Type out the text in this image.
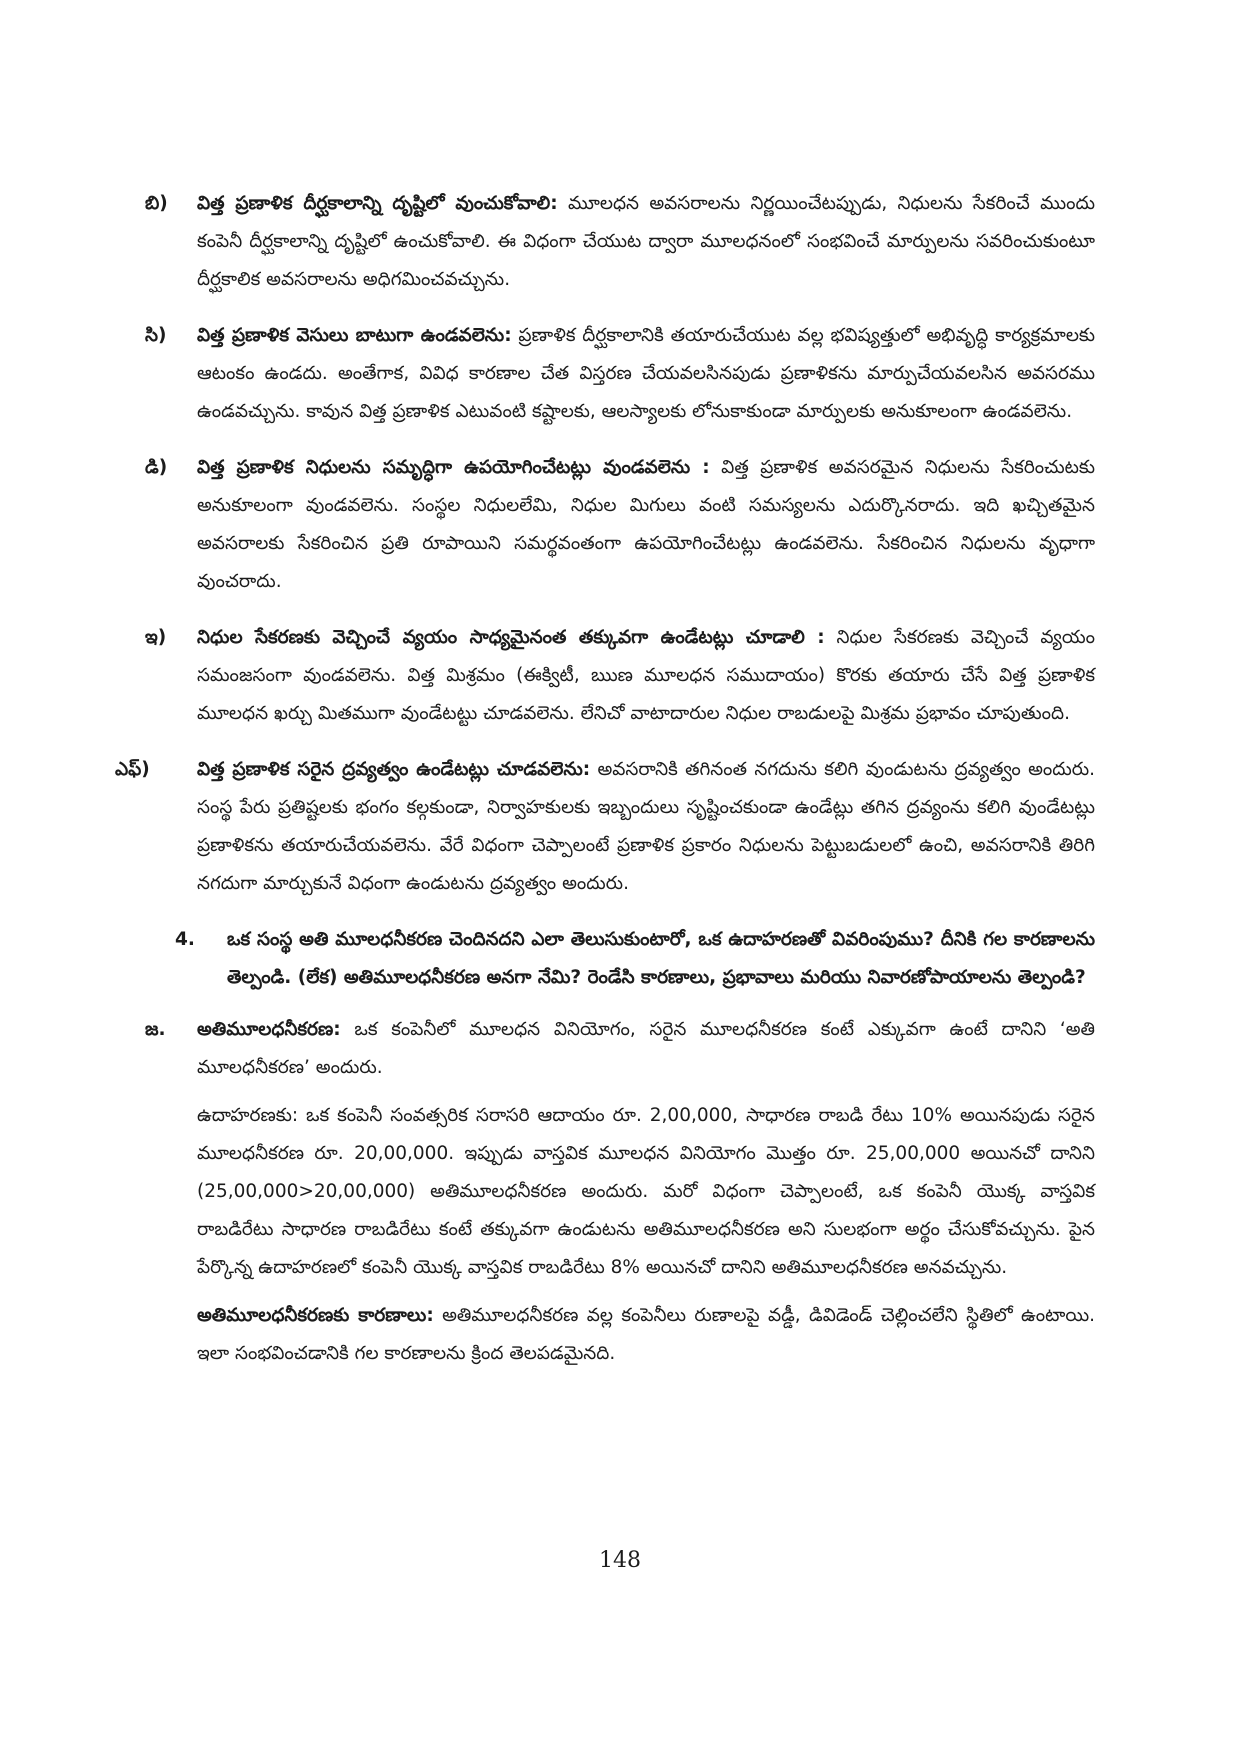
బి) విత్త ప్రణాళిక దీర్ఘకాలాన్ని దృష్టిలో వుంచుకోవాలి: మూలధన అవసరాలను నిర్ణయించేటప్పుడు, నిధులను సేకరించే ముందు కంపెనీ దీర్ఘకాలాన్ని దృష్టిలో ఉంచుకోవాలి. ఈ విధంగా చేయుట ద్వారా మూలధనంలో సంభవించే మార్పులను సవరించుకుంటూ దీర్ఘకాలిక అవసరాలను అధిగమించవచ్చును.

సి) విత్త ప్రణాళిక వెసులు బాటుగా ఉండవలెను: ప్రణాళిక దీర్ఘకాలానికి తయారుచేయుట వల్ల భవిష్యత్తులో అభివృద్ధి కార్యక్రమాలకు ఆటంకం ఉండదు. అంతేగాక, వివిధ కారణాల చేత విస్తరణ చేయవలసినపుడు ప్రణాళికను మార్పుచేయవలసిన అవసరము ఉండవచ్చును. కావున విత్త ప్రణాళిక ఎటువంటి కష్టాలకు, ఆలస్యాలకు లోనుకాకుండా మార్పులకు అనుకూలంగా ఉండవలెను.

డి) విత్త ప్రణాళిక నిధులను సమృద్ధిగా ఉపయోగించేటట్లు వుండవలెను : విత్త ప్రణాళిక అవసరమైన నిధులను సేకరించుటకు అనుకూలంగా వుండవలెను. సంస్థల నిధులలేమి, నిధుల మిగులు వంటి సమస్యలను ఎదుర్కొనరాదు. ఇది ఖచ్చితమైన అవసరాలకు సేకరించిన ప్రతి రూపాయిని సమర్థవంతంగా ఉపయోగించేటట్లు ఉండవలెను. సేకరించిన నిధులను వృధాగా వుంచరాదు.

ఇ) నిధుల సేకరణకు వెచ్చించే వ్యయం సాధ్యమైనంత తక్కువగా ఉండేటట్లు చూడాలి : నిధుల సేకరణకు వెచ్చించే వ్యయం సమంజసంగా వుండవలెను. విత్త మిశ్రమం (ఈక్విటీ, ఋణ మూలధన సముదాయం) కొరకు తయారు చేసే విత్త ప్రణాళిక మూలధన ఖర్చు మితముగా వుండేటట్టు చూడవలెను. లేనిచో వాటాదారుల నిధుల రాబడులపై మిశ్రమ ప్రభావం చూపుతుంది.

ఎఫ్)	విత్త ప్రణాళిక సరైన ద్రవ్యత్వం ఉండేటట్లు చూడవలెను: అవసరానికి తగినంత నగదును కలిగి వుండుటను ద్రవ్యత్వం అందురు. సంస్థ పేరు ప్రతిష్టలకు భంగం కల్గకుండా, నిర్వాహకులకు ఇబ్బందులు సృష్టించకుండా ఉండేట్లు తగిన ద్రవ్యంను కలిగి వుండేటట్లు ప్రణాళికను తయారుచేయవలెను. వేరే విధంగా చెప్పాలంటే ప్రణాళిక ప్రకారం నిధులను పెట్టుబడులలో ఉంచి, అవసరానికి తిరిగి నగదుగా మార్చుకునే విధంగా ఉండుటను ద్రవ్యత్వం అందురు.

4.	ఒక సంస్థ అతి మూలధనీకరణ చెందినదని ఎలా తెలుసుకుంటారో, ఒక ఉదాహరణతో వివరింపుము? దీనికి గల కారణాలను తెల్పండి. (లేక) అతిమూలధనీకరణ అనగా నేమి? రెండేసి కారణాలు, ప్రభావాలు మరియు నివారణోపాయాలను తెల్పండి?

జ. అతిమూలధనీకరణ: ఒక కంపెనీలో మూలధన వినియోగం, సరైన మూలధనీకరణ కంటే ఎక్కువగా ఉంటే దానిని ‘అతి మూలధనీకరణ’ అందురు.

ఉదాహరణకు: ఒక కంపెనీ సంవత్సరిక సరాసరి ఆదాయం రూ. 2,00,000, సాధారణ రాబడి రేటు 10% అయినపుడు సరైన మూలధనీకరణ రూ. 20,00,000. ఇప్పుడు వాస్తవిక మూలధన వినియోగం మొత్తం రూ. 25,00,000 అయినచో దానిని (25,00,000>20,00,000) అతిమూలధనీకరణ అందురు. మరో విధంగా చెప్పాలంటే, ఒక కంపెనీ యొక్క వాస్తవిక రాబడిరేటు సాధారణ రాబడిరేటు కంటే తక్కువగా ఉండుటను అతిమూలధనీకరణ అని సులభంగా అర్థం చేసుకోవచ్చును. పైన పేర్కొన్న ఉదాహరణలో కంపెనీ యొక్క వాస్తవిక రాబడిరేటు 8% అయినచో దానిని అతిమూలధనీకరణ అనవచ్చును.

అతిమూలధనీకరణకు కారణాలు: అతిమూలధనీకరణ వల్ల కంపెనీలు రుణాలపై వడ్డీ, డివిడెండ్ చెల్లించలేని స్థితిలో ఉంటాయి. ఇలా సంభవించడానికి గల కారణాలను క్రింద తెలపడమైనది.

148
